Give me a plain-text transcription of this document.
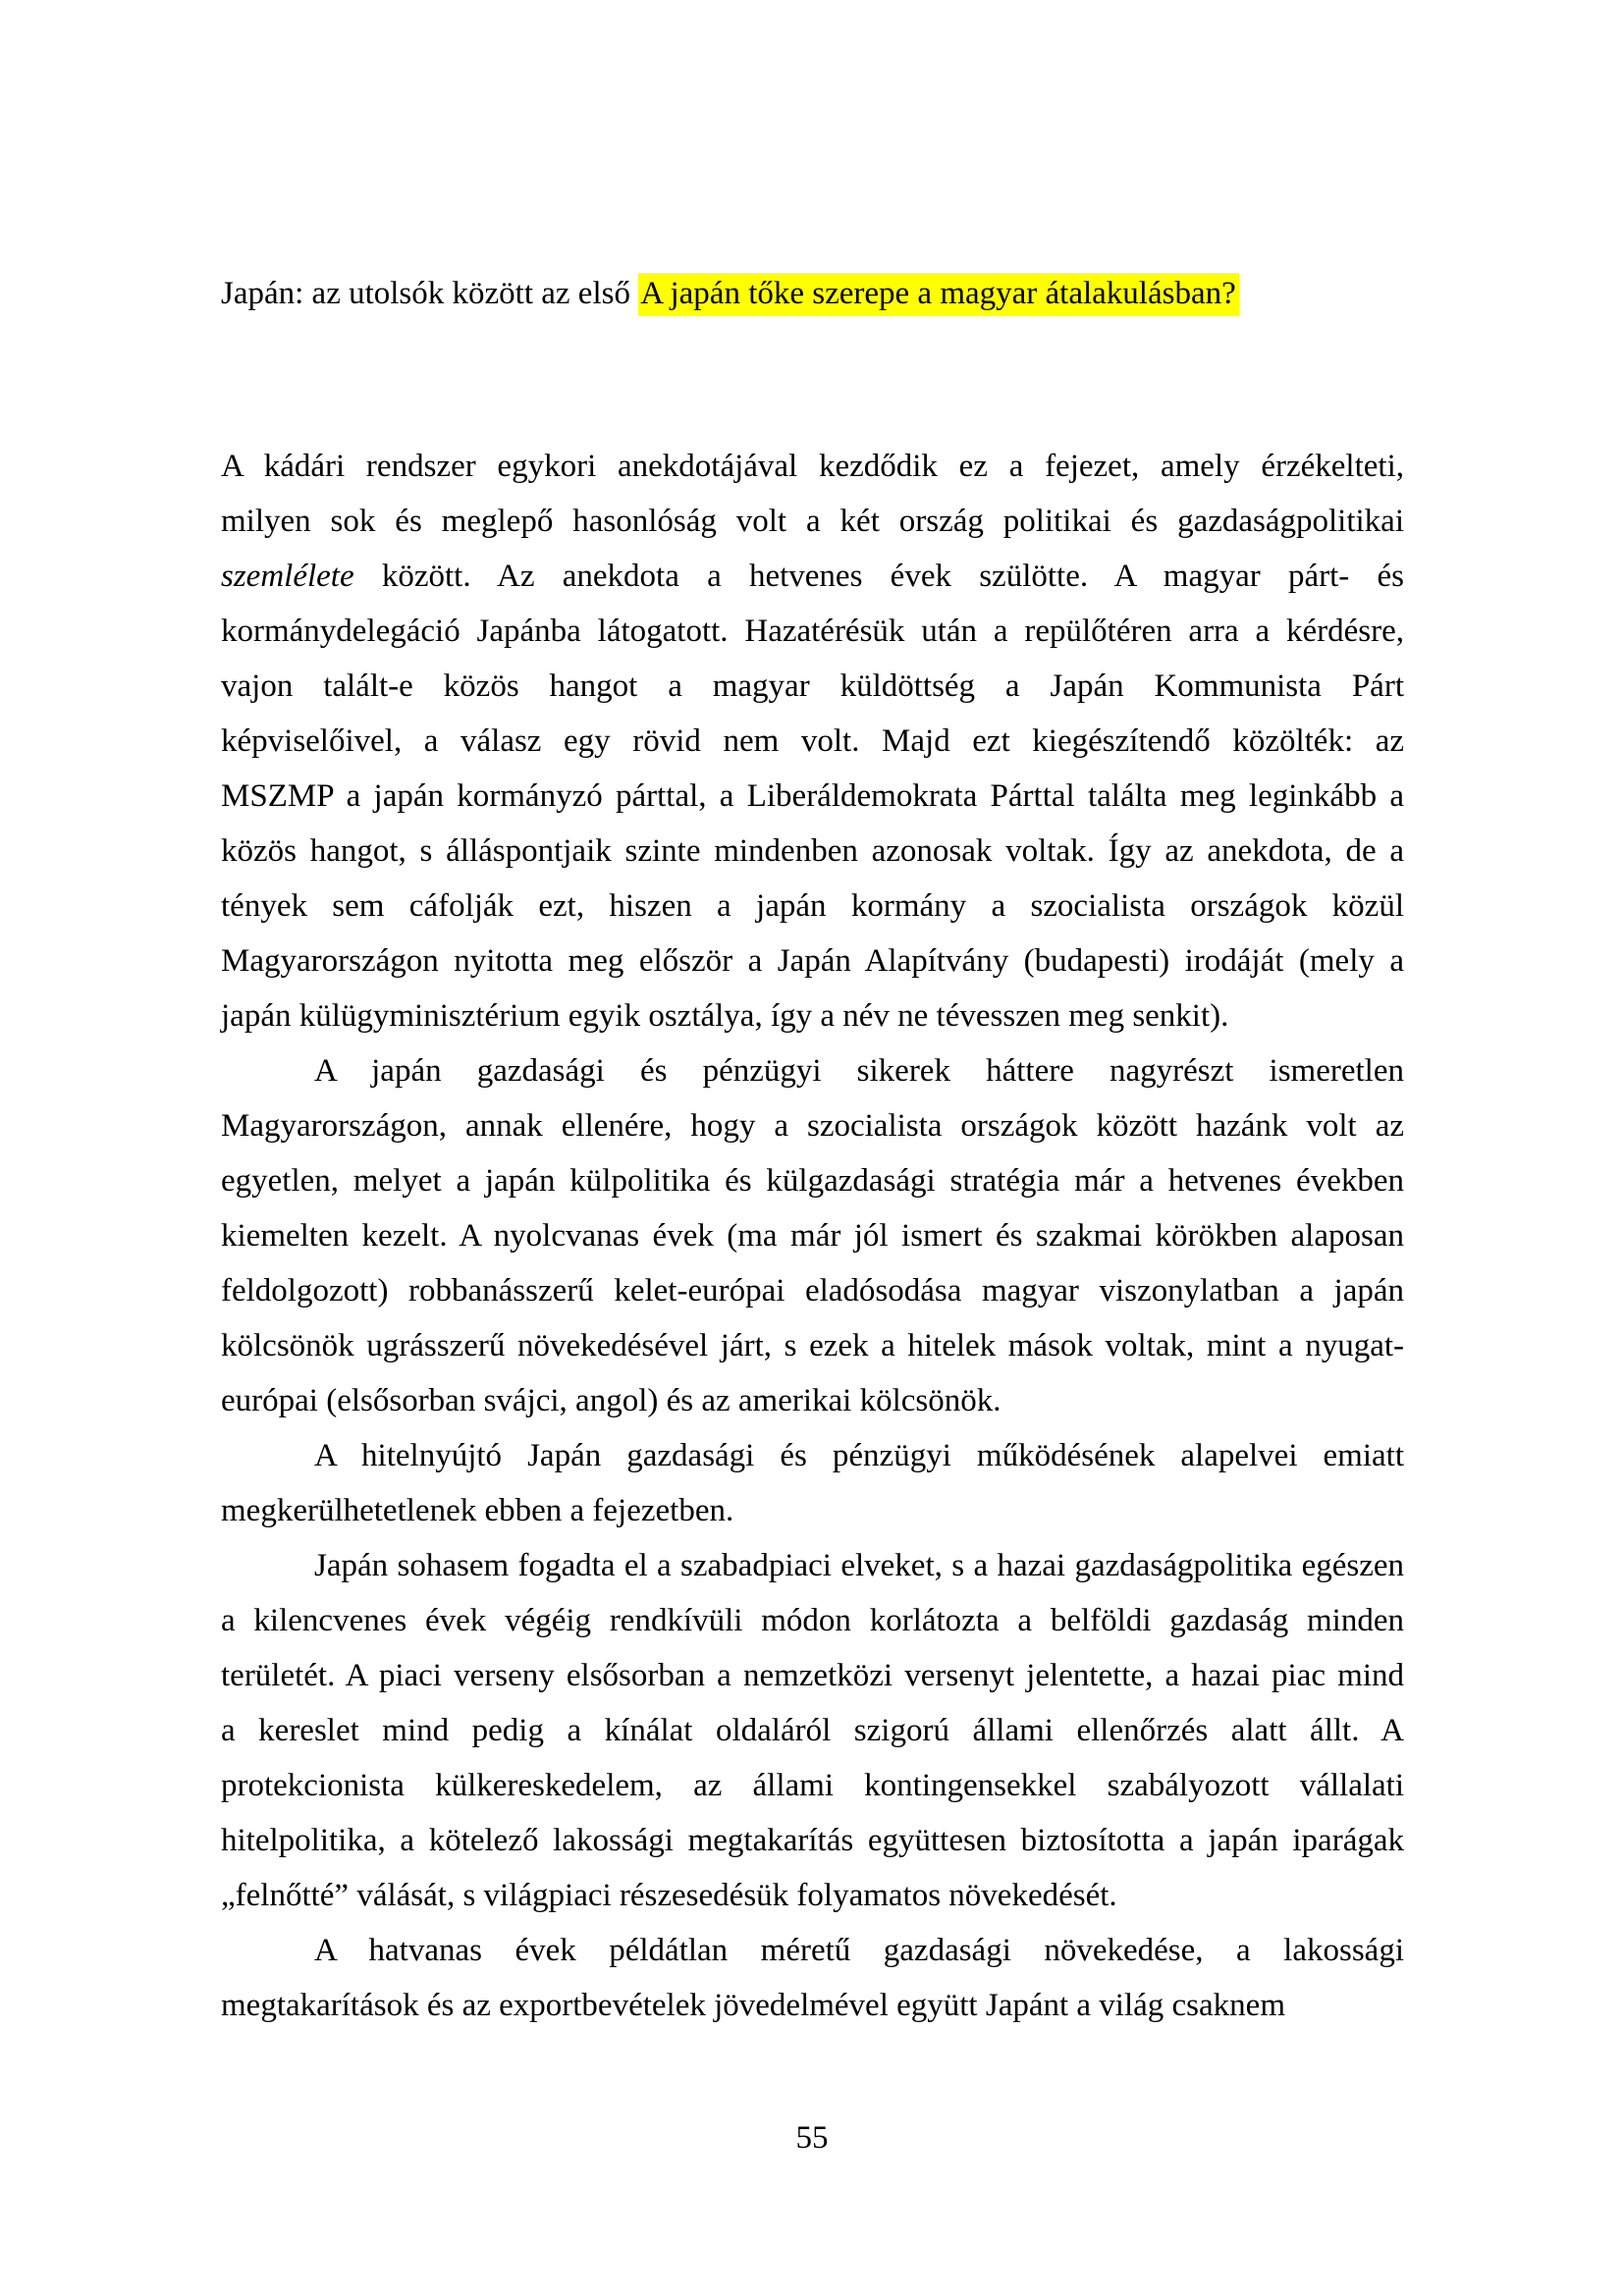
Japán: az utolsók között az első A japán tőke szerepe a magyar átalakulásban?
A kádári rendszer egykori anekdotájával kezdődik ez a fejezet, amely érzékelteti,
milyen sok és meglepő hasonlóság volt a két ország politikai és gazdaságpolitikai
szemlélete között. Az anekdota a hetvenes évek szülötte. A magyar párt- és
kormánydelegáció Japánba látogatott. Hazatérésük után a repülőtéren arra a kérdésre,
vajon talált-e közös hangot a magyar küldöttség a Japán Kommunista Párt
képviselőivel, a válasz egy rövid nem volt. Majd ezt kiegészítendő közölték: az
MSZMP a japán kormányzó párttal, a Liberáldemokrata Párttal találta meg leginkább a
közös hangot, s álláspontjaik szinte mindenben azonosak voltak. Így az anekdota, de a
tények sem cáfolják ezt, hiszen a japán kormány a szocialista országok közül
Magyarországon nyitotta meg először a Japán Alapítvány (budapesti) irodáját (mely a
japán külügyminisztérium egyik osztálya, így a név ne tévesszen meg senkit).
A japán gazdasági és pénzügyi sikerek háttere nagyrészt ismeretlen
Magyarországon, annak ellenére, hogy a szocialista országok között hazánk volt az
egyetlen, melyet a japán külpolitika és külgazdasági stratégia már a hetvenes években
kiemelten kezelt. A nyolcvanas évek (ma már jól ismert és szakmai körökben alaposan
feldolgozott) robbanásszerű kelet-európai eladósodása magyar viszonylatban a japán
kölcsönök ugrásszerű növekedésével járt, s ezek a hitelek mások voltak, mint a nyugat-
európai (elsősorban svájci, angol) és az amerikai kölcsönök.
A hitelnyújtó Japán gazdasági és pénzügyi működésének alapelvei emiatt
megkerülhetetlenek ebben a fejezetben.
Japán sohasem fogadta el a szabadpiaci elveket, s a hazai gazdaságpolitika egészen
a kilencvenes évek végéig rendkívüli módon korlátozta a belföldi gazdaság minden
területét. A piaci verseny elsősorban a nemzetközi versenyt jelentette, a hazai piac mind
a kereslet mind pedig a kínálat oldaláról szigorú állami ellenőrzés alatt állt. A
protekcionista külkereskedelem, az állami kontingensekkel szabályozott vállalati
hitelpolitika, a kötelező lakossági megtakarítás együttesen biztosította a japán iparágak
„felnőtté” válását, s világpiaci részesedésük folyamatos növekedését.
A hatvanas évek példátlan méretű gazdasági növekedése, a lakossági
megtakarítások és az exportbevételek jövedelmével együtt Japánt a világ csaknem
55
